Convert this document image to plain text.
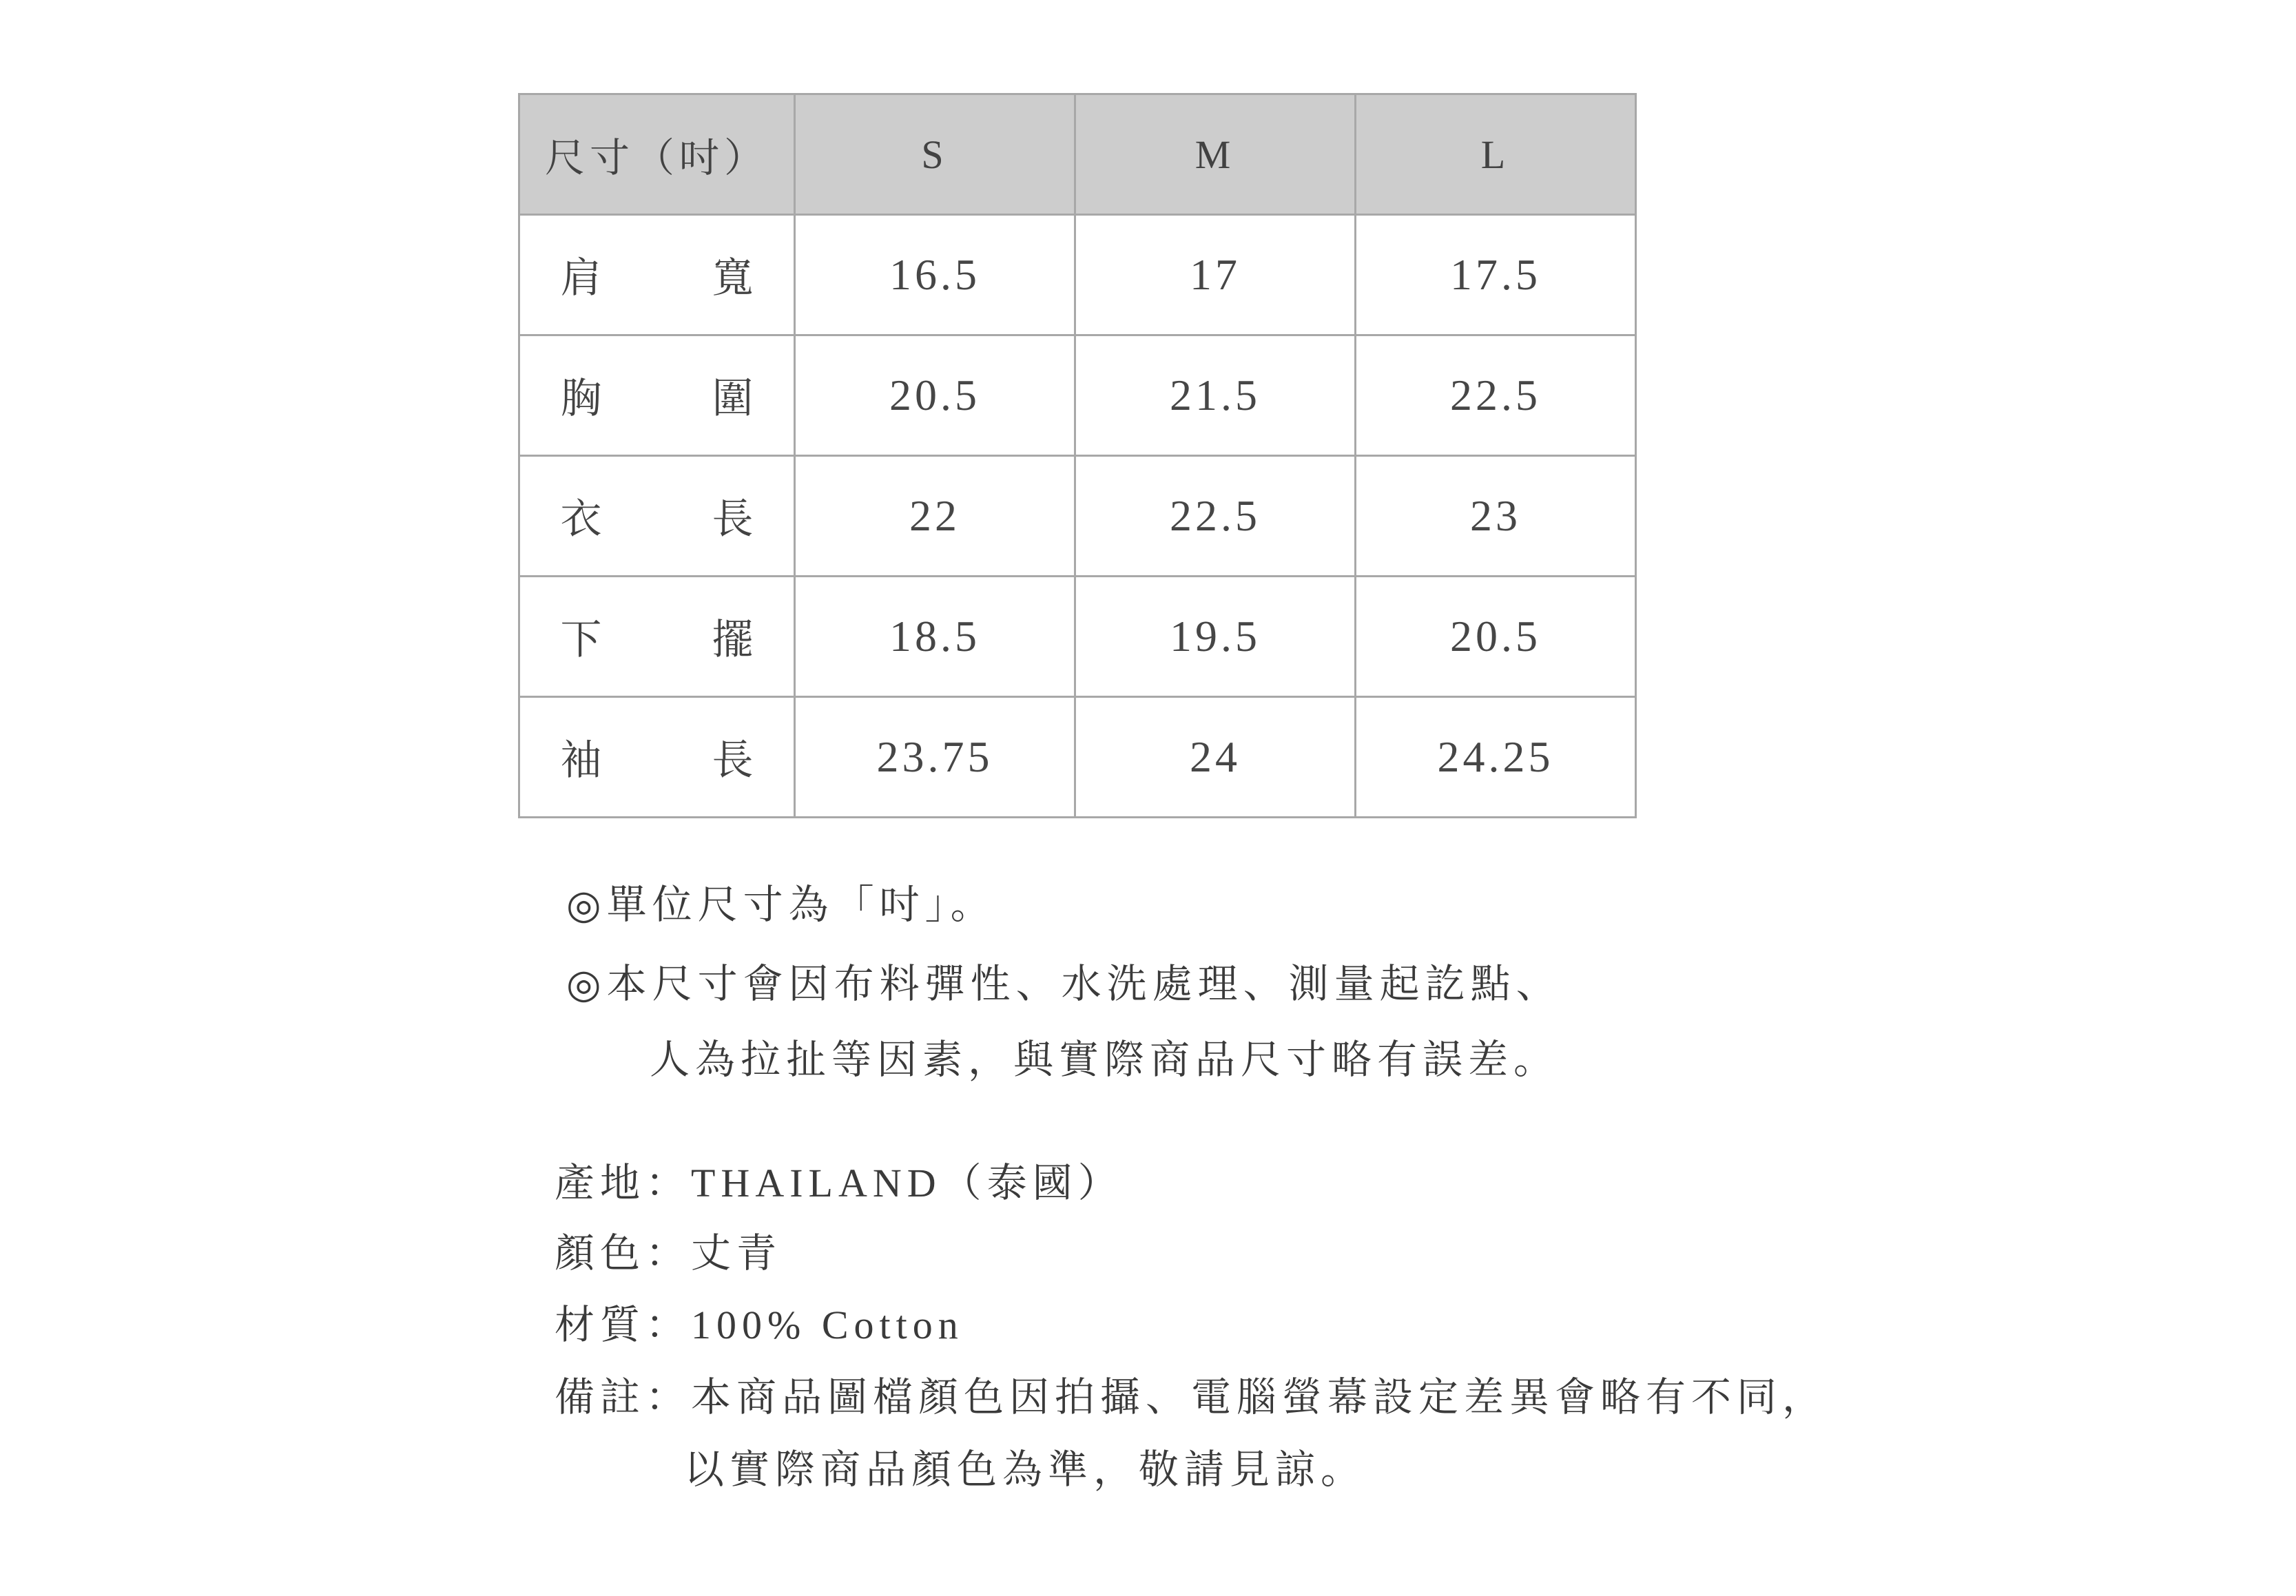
尺寸（吋）	S	M	L

肩 寬	16.5	17	17.5

胸 圍	20.5	21.5	22.5

衣 長	22	22.5	23

下 擺	18.5	19.5	20.5

袖 長	23.75	24	24.25
◎單位尺寸為「吋」。
◎本尺寸會因布料彈性、水洗處理、測量起訖點、
人為拉扯等因素，與實際商品尺寸略有誤差。
產地：THAILAND（泰國）
顏色：丈青
材質：100% Cotton
備註：本商品圖檔顏色因拍攝、電腦螢幕設定差異會略有不同，
以實際商品顏色為準，敬請見諒。
